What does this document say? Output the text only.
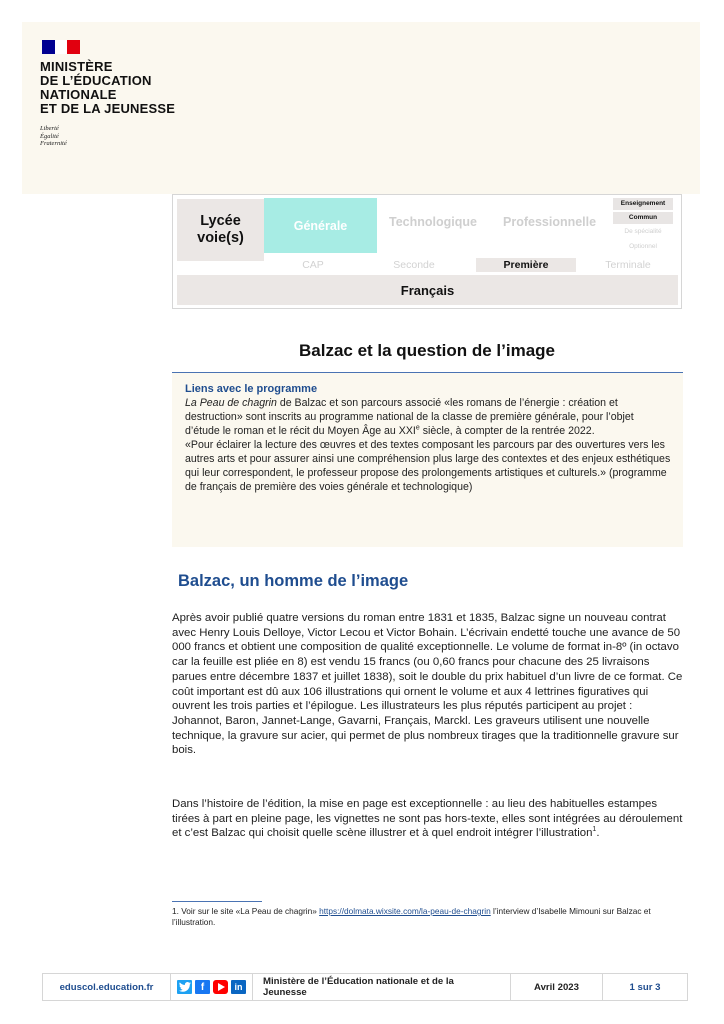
MINISTÈRE
DE L’ÉDUCATION
NATIONALE
ET DE LA JEUNESSE
Liberté
Égalité
Fraternité
Lycée
voie(s)
Générale	Technologique Professionnelle
Enseignement
Commun
De spécialité
Optionnel
CAP	Seconde	Première	Terminale
Français
Balzac et la question de l’image
Liens avec le programme

La Peau de chagrin de Balzac et son parcours associé «les romans de l’énergie : création et destruction» sont inscrits au programme national de la classe de première générale, pour l’objet d’étude le roman et le récit du Moyen Âge au XXIe siècle, à compter de la rentrée 2022.

«Pour éclairer la lecture des œuvres et des textes composant les parcours par des ouvertures vers les autres arts et pour assurer ainsi une compréhension plus large des contextes et des enjeux esthétiques qui leur correspondent, le professeur propose des prolongements artistiques et culturels.» (programme de français de première des voies générale et technologique)

Balzac, un homme de l’image
Après avoir publié quatre versions du roman entre 1831 et 1835, Balzac signe un nouveau contrat avec Henry Louis Delloye, Victor Lecou et Victor Bohain. L’écrivain endetté touche une avance de 50 000 francs et obtient une composition de qualité exceptionnelle. Le volume de format in-8º (in octavo car la feuille est pliée en 8) est vendu 15 francs (ou 0,60 francs pour chacune des 25 livraisons parues entre décembre 1837 et juillet 1838), soit le double du prix habituel d’un livre de ce format. Ce coût important est dû aux 106 illustrations qui ornent le volume et aux 4 lettrines figuratives qui ouvrent les trois parties et l’épilogue. Les illustrateurs les plus réputés participent au projet : Johannot, Baron, Jannet-Lange, Gavarni, Français, Marckl. Les graveurs utilisent une nouvelle technique, la gravure sur acier, qui permet de plus nombreux tirages que la traditionnelle gravure sur bois.
Dans l’histoire de l’édition, la mise en page est exceptionnelle : au lieu des habituelles estampes tirées à part en pleine page, les vignettes ne sont pas hors-texte, elles sont intégrées au déroulement et c’est Balzac qui choisit quelle scène illustrer et à quel endroit intégrer l’illustration$^1$.
1. Voir sur le site «La Peau de chagrin» https://dolmata.wixsite.com/la-peau-de-chagrin l’interview d’Isabelle Mimouni sur Balzac et l’illustration.
eduscol.education.fr	f	in	Ministère de l’Éducation nationale et de la Jeunesse	Avril 2023	1 sur 3
